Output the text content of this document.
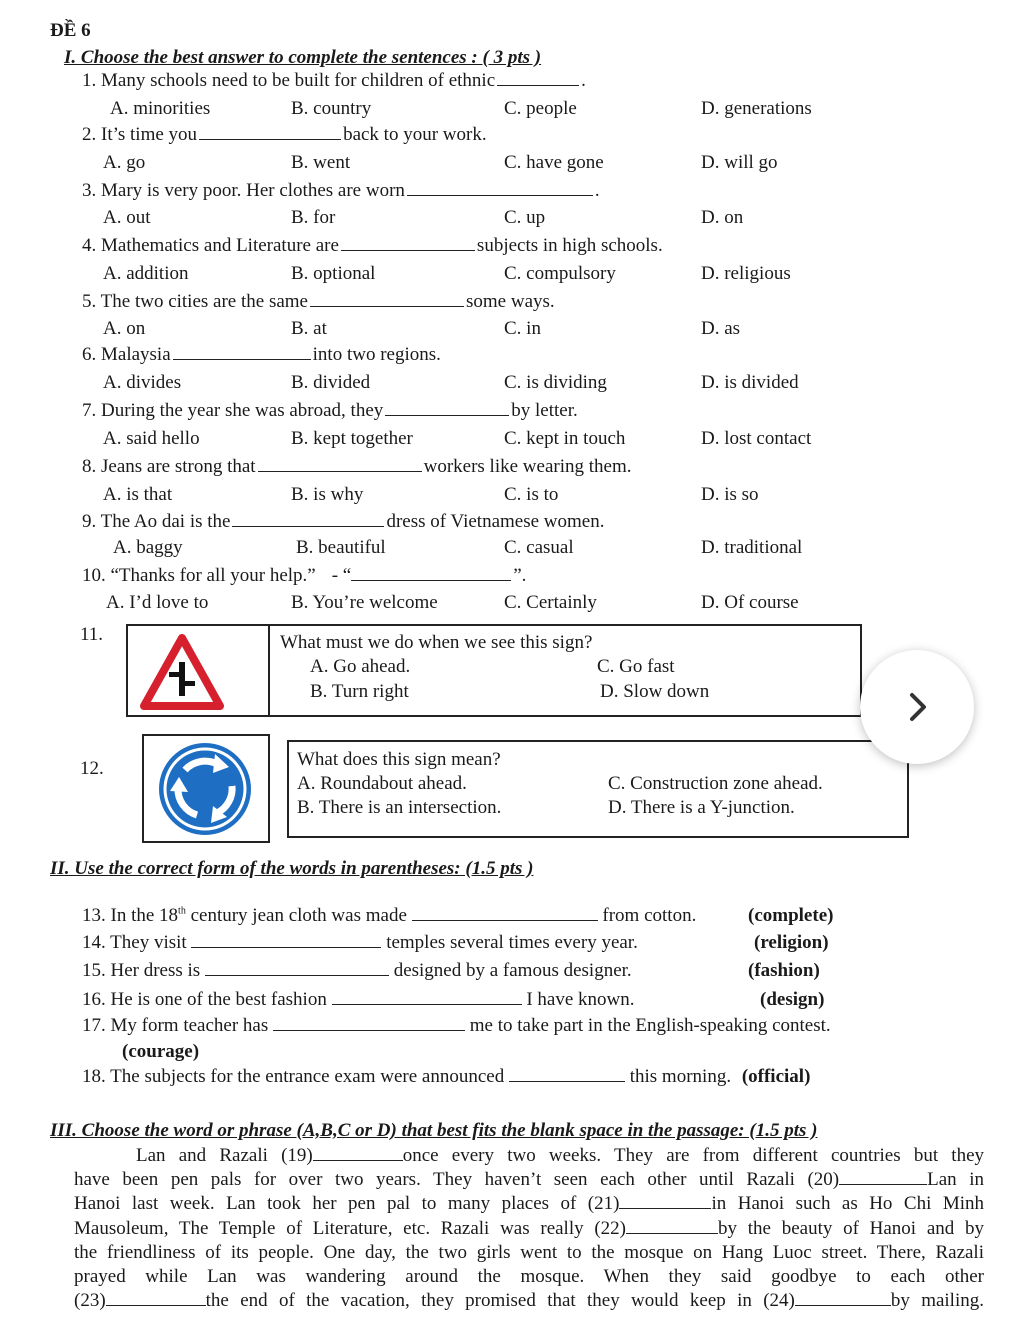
ĐỀ 6
I. Choose the best answer to complete the sentences : ( 3 pts )
1. Many schools need to be built for children of ethnic	.
A. minorities	B. country	C. people	D. generations
2. It’s time you	back to your work.
A. go	B. went	C. have gone	D. will go
3. Mary is very poor. Her clothes are worn	.
A. out	B. for	C. up	D. on
4. Mathematics and Literature are	subjects in high schools.
A. addition	B. optional	C. compulsory	D. religious
5. The two cities are the same	some ways.
A. on	B. at	C. in	D. as
6. Malaysia	into two regions.
A. divides	B. divided	C. is dividing	D. is divided
7. During the year she was abroad, they	by letter.
A. said hello	B. kept together	C. kept in touch	D. lost contact
8. Jeans are strong that	workers like wearing them.
A. is that	B. is why	C. is to	D. is so
9. The Ao dai is the	dress of Vietnamese women.
A. baggy	B. beautiful	C. casual	D. traditional
10. “Thanks for all your help.” - “	”.
A. I’d love to	B. You’re welcome	C. Certainly	D. Of course
11.	What must we do when we see this sign?
A. Go ahead.
B. Turn right
C. Go fast
D. Slow down
12.	What does this sign mean?
A. Roundabout ahead.
B. There is an intersection.
C. Construction zone ahead.
D. There is a Y-junction.
II. Use the correct form of the words in parentheses: (1.5 pts )
13. In the 18th century jean cloth was made	from cotton.	(complete)
14. They visit	temples several times every year.	(religion)
15. Her dress is	designed by a famous designer.	(fashion)
16. He is one of the best fashion	I have known.	(design)
17. My form teacher has	me to take part in the English-speaking contest.
(courage)
18. The subjects for the entrance exam were announced	this morning. (official)
III. Choose the word or phrase (A,B,C or D) that best fits the blank space in the passage: (1.5 pts )
Lan and Razali (19)	once every two weeks. They are from different countries but they
have been pen pals for over two years. They haven’t seen each other until Razali (20)	Lan in
Hanoi last week. Lan took her pen pal to many places of (21)	in Hanoi such as Ho Chi Minh
Mausoleum, The Temple of Literature, etc. Razali was really (22)	by the beauty of Hanoi and by
the friendliness of its people. One day, the two girls went to the mosque on Hang Luoc street. There, Razali
prayed while Lan was wandering around the mosque. When they said goodbye to each other
(23)	the end of the vacation, they promised that they would keep in (24)	by mailing.
